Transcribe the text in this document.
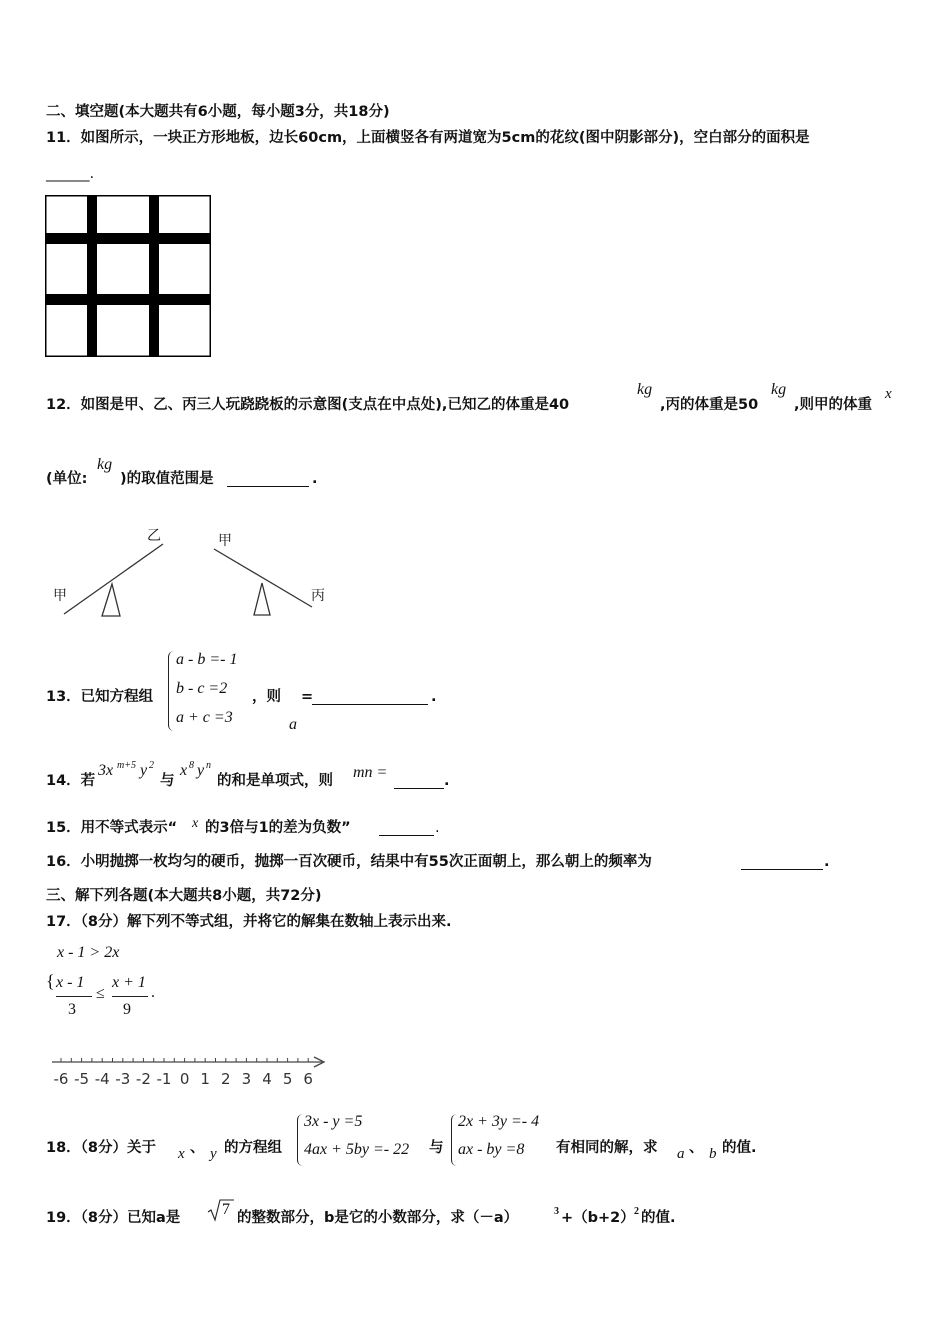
二、填空题(本大题共有6小题，每小题3分，共18分)
11．如图所示，一块正方形地板，边长60cm，上面横竖各有两道宽为5cm的花纹(图中阴影部分)，空白部分的面积是
______.
12．如图是甲、乙、丙三人玩跷跷板的示意图(支点在中点处),已知乙的体重是40
kg
,丙的体重是50
kg
,则甲的体重
x
(单位:
kg
)的取值范围是	.
乙
甲
甲
丙
13．已知方程组
a - b =- 1
b - c =2
a + c =3
，则
a
=	.
14．若
3x m+5 y 2
与
x 8 y n
的和是单项式，则 mn =	.
15．用不等式表示“ x 的3倍与1的差为负数”	.
16．小明抛掷一枚均匀的硬币，抛掷一百次硬币，结果中有55次正面朝上，那么朝上的频率为	.
三、解下列各题(本大题共8小题，共72分)
17．（8分）解下列不等式组，并将它的解集在数轴上表示出来.
x - 1 > 2x
{ x - 1
3
≤
x + 1
9
.
-6 -5 -4 -3 -2 -1 0 1 2 3 4 5 6
18．（8分）关于 x 、 y 的方程组
3x - y =5
4ax + 5by =- 22 与
2x + 3y =- 4
ax - by =8 有相同的解，求 a 、 b 的值.
19．（8分）已知a是	7 的整数部分，b是它的小数部分，求（－a）	3 +（b+2） 2 的值.
